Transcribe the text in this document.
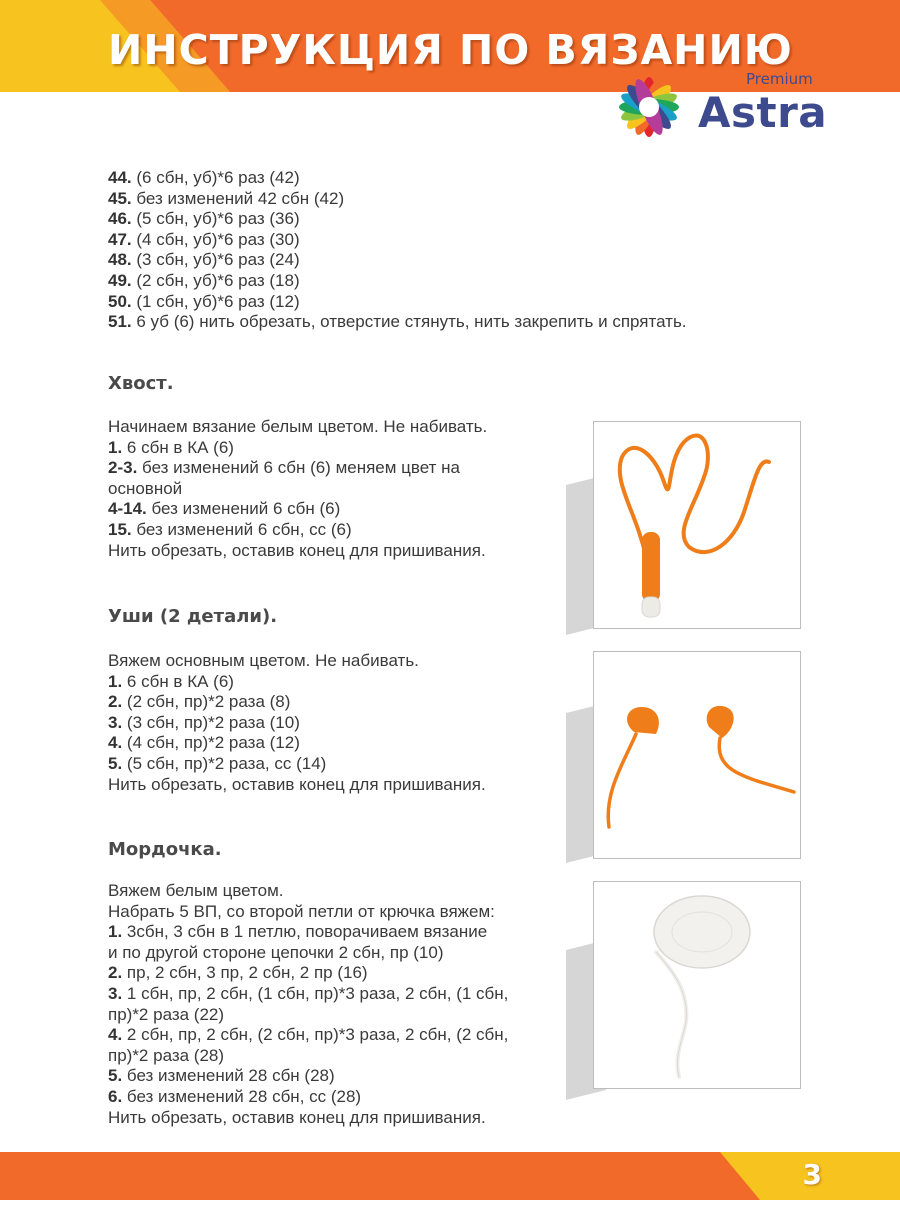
ИНСТРУКЦИЯ ПО ВЯЗАНИЮ
Premium
Astra
44. (6 сбн, уб)*6 раз (42)
45. без изменений 42 сбн (42)
46. (5 сбн, уб)*6 раз (36)
47. (4 сбн, уб)*6 раз (30)
48. (3 сбн, уб)*6 раз (24)
49. (2 сбн, уб)*6 раз (18)
50. (1 сбн, уб)*6 раз (12)
51. 6 уб (6) нить обрезать, отверстие стянуть, нить закрепить и спрятать.
Хвост.
Начинаем вязание белым цветом. Не набивать.
1. 6 сбн в КА (6)
2-3. без изменений 6 сбн (6) меняем цвет на
основной
4-14. без изменений 6 сбн (6)
15. без изменений 6 сбн, сс (6)
Нить обрезать, оставив конец для пришивания.
Уши (2 детали).
Вяжем основным цветом. Не набивать.
1. 6 сбн в КА (6)
2. (2 сбн, пр)*2 раза (8)
3. (3 сбн, пр)*2 раза (10)
4. (4 сбн, пр)*2 раза (12)
5. (5 сбн, пр)*2 раза, сс (14)
Нить обрезать, оставив конец для пришивания.
Мордочка.
Вяжем белым цветом.
Набрать 5 ВП, со второй петли от крючка вяжем:
1. 3сбн, 3 сбн в 1 петлю, поворачиваем вязание
и по другой стороне цепочки 2 сбн, пр (10)
2. пр, 2 сбн, 3 пр, 2 сбн, 2 пр (16)
3. 1 сбн, пр, 2 сбн, (1 сбн, пр)*3 раза, 2 сбн, (1 сбн,
пр)*2 раза (22)
4. 2 сбн, пр, 2 сбн, (2 сбн, пр)*3 раза, 2 сбн, (2 сбн,
пр)*2 раза (28)
5. без изменений 28 сбн (28)
6. без изменений 28 сбн, сс (28)
Нить обрезать, оставив конец для пришивания.
3
